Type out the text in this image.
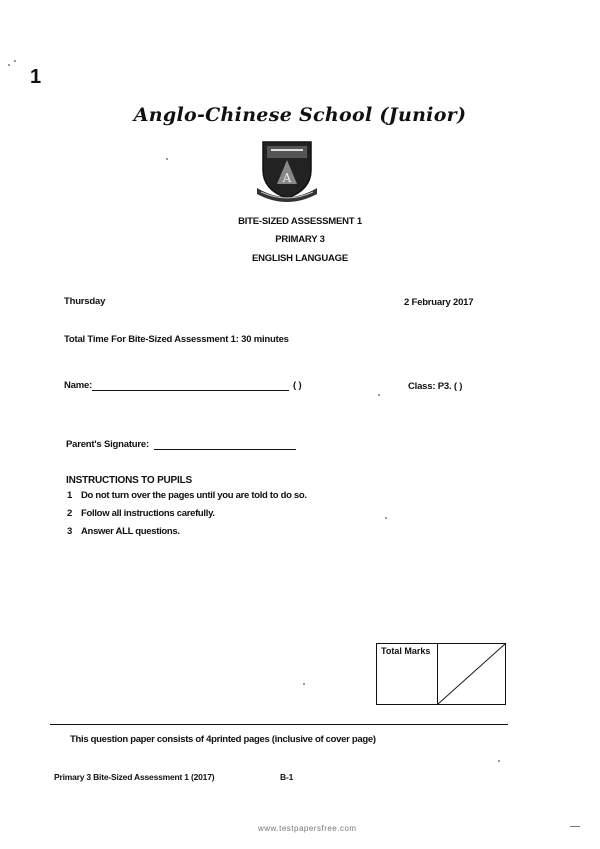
1
Anglo-Chinese School (Junior)
A
BITE-SIZED ASSESSMENT 1
PRIMARY 3
ENGLISH LANGUAGE
Thursday	2 February 2017
Total Time For Bite-Sized Assessment 1: 30 minutes
Name:	( )	Class: P3. ( )
Parent's Signature:
INSTRUCTIONS TO PUPILS
1 Do not turn over the pages until you are told to do so.
2 Follow all instructions carefully.
3 Answer ALL questions.
Total Marks
This question paper consists of 4printed pages (inclusive of cover page)
Primary 3 Bite-Sized Assessment 1 (2017)	B-1
www.testpapersfree.com
